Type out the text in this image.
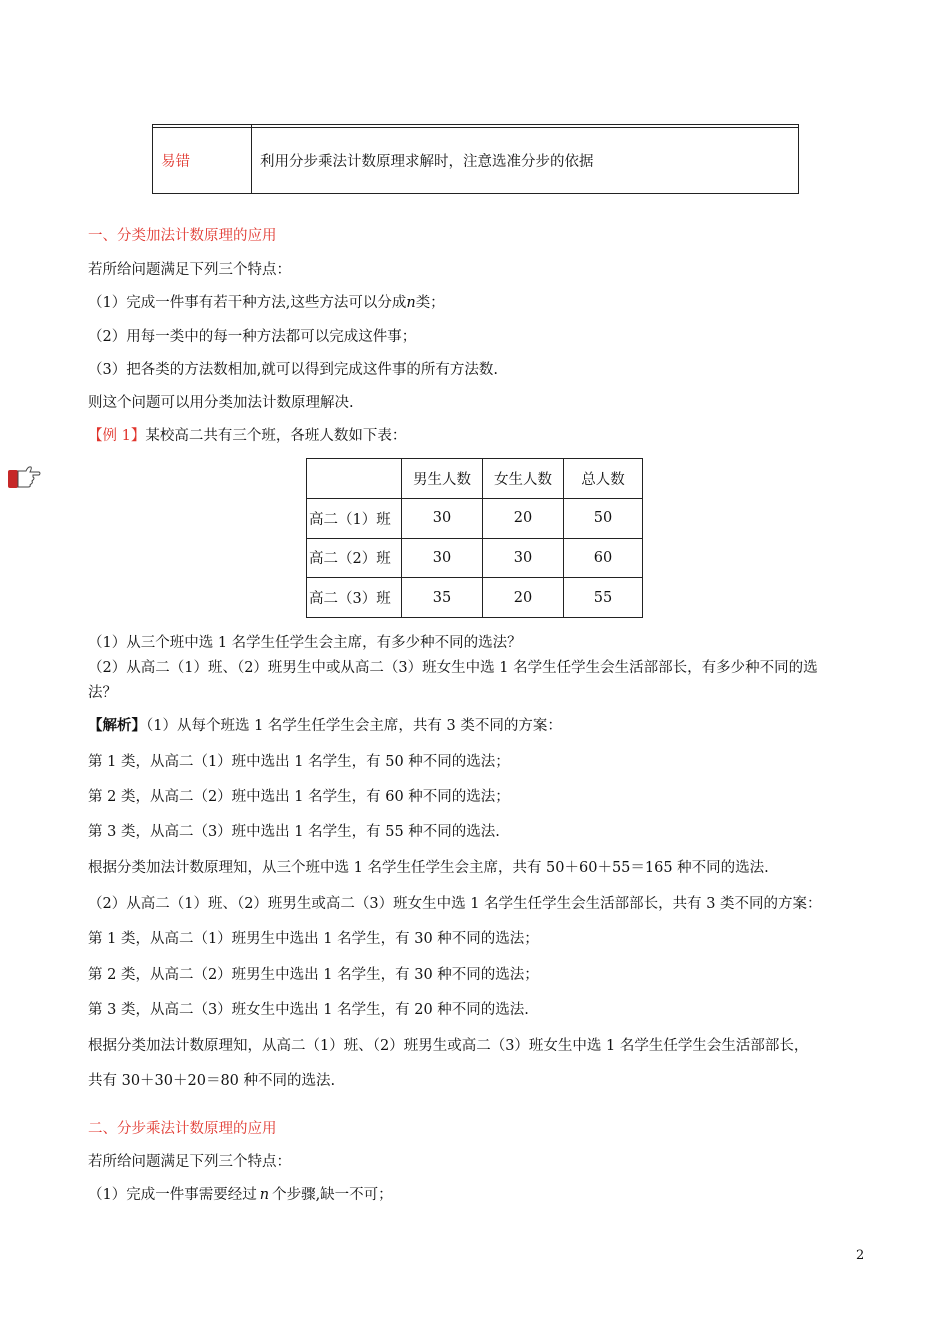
易错	利用分步乘法计数原理求解时，注意选准分步的依据
一、分类加法计数原理的应用
若所给问题满足下列三个特点：
（1）完成一件事有若干种方法,这些方法可以分成n类；
（2）用每一类中的每一种方法都可以完成这件事；
（3）把各类的方法数相加,就可以得到完成这件事的所有方法数.
则这个问题可以用分类加法计数原理解决.
【例 1】某校高二共有三个班，各班人数如下表：
	男生人数	女生人数	总人数
高二（1）班	30	20	50
高二（2）班	30	30	60
高二（3）班	35	20	55
（1）从三个班中选 1 名学生任学生会主席，有多少种不同的选法？
（2）从高二（1）班、（2）班男生中或从高二（3）班女生中选 1 名学生任学生会生活部部长，有多少种不同的选
法？
【解析】（1）从每个班选 1 名学生任学生会主席，共有 3 类不同的方案：
第 1 类，从高二（1）班中选出 1 名学生，有 50 种不同的选法；
第 2 类，从高二（2）班中选出 1 名学生，有 60 种不同的选法；
第 3 类，从高二（3）班中选出 1 名学生，有 55 种不同的选法.
根据分类加法计数原理知，从三个班中选 1 名学生任学生会主席，共有 50＋60＋55＝165 种不同的选法.
（2）从高二（1）班、（2）班男生或高二（3）班女生中选 1 名学生任学生会生活部部长，共有 3 类不同的方案：
第 1 类，从高二（1）班男生中选出 1 名学生，有 30 种不同的选法；
第 2 类，从高二（2）班男生中选出 1 名学生，有 30 种不同的选法；
第 3 类，从高二（3）班女生中选出 1 名学生，有 20 种不同的选法.
根据分类加法计数原理知，从高二（1）班、（2）班男生或高二（3）班女生中选 1 名学生任学生会生活部部长，
共有 30＋30＋20＝80 种不同的选法.
二、分步乘法计数原理的应用
若所给问题满足下列三个特点：
（1）完成一件事需要经过 n 个步骤,缺一不可；
2
